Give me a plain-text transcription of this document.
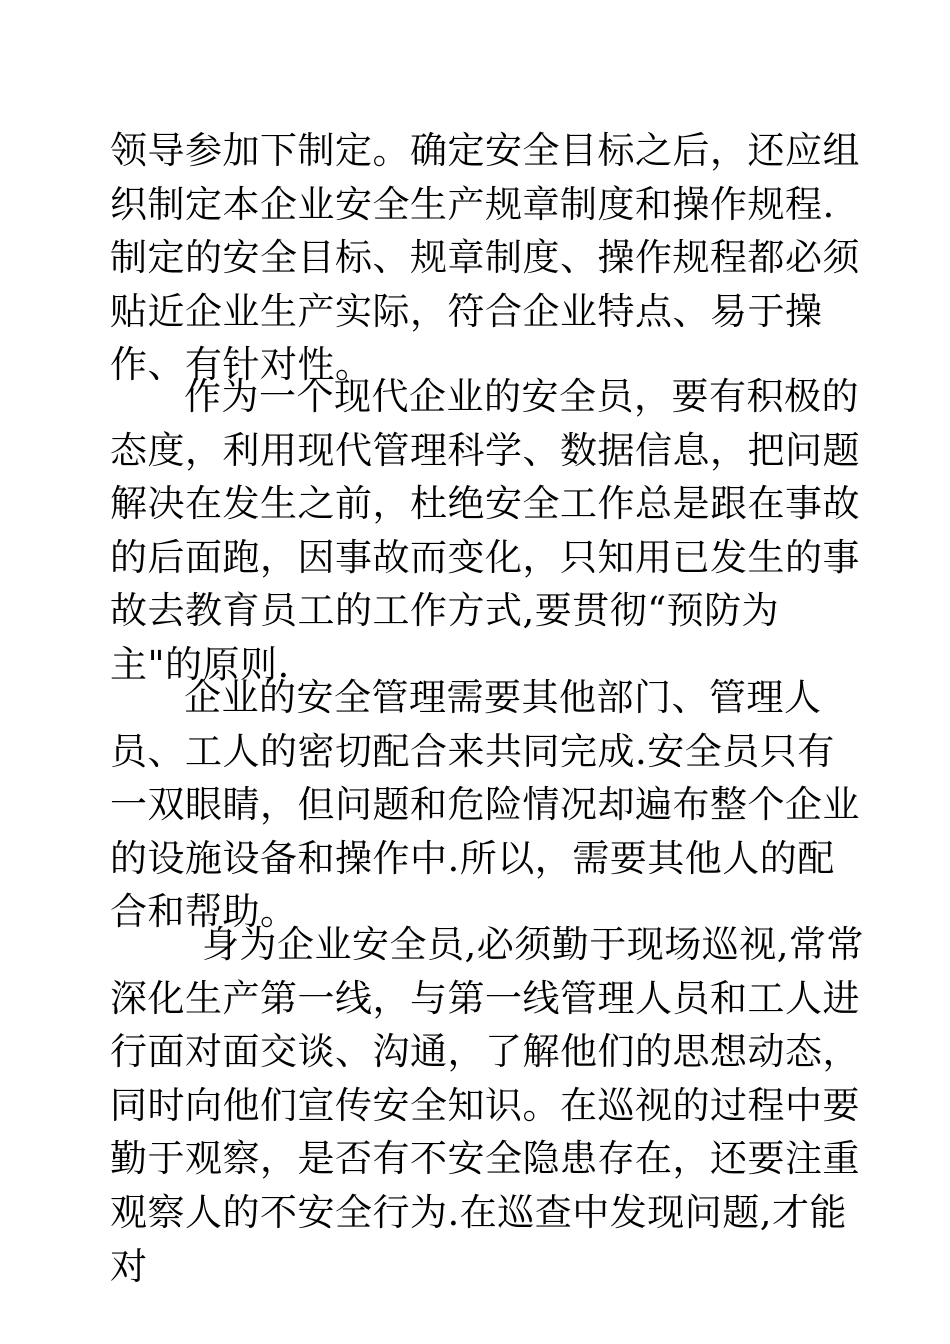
领导参加下制定。确定安全目标之后，还应组织制定本企业安全生产规章制度和操作规程.制定的安全目标、规章制度、操作规程都必须贴近企业生产实际，符合企业特点、易于操作、有针对性。

作为一个现代企业的安全员，要有积极的态度，利用现代管理科学、数据信息，把问题解决在发生之前，杜绝安全工作总是跟在事故的后面跑，因事故而变化，只知用已发生的事故去教育员工的工作方式,要贯彻“预防为主"的原则.

企业的安全管理需要其他部门、管理人员、工人的密切配合来共同完成.安全员只有一双眼睛，但问题和危险情况却遍布整个企业的设施设备和操作中.所以，需要其他人的配合和帮助。

身为企业安全员,必须勤于现场巡视,常常深化生产第一线，与第一线管理人员和工人进行面对面交谈、沟通，了解他们的思想动态，同时向他们宣传安全知识。在巡视的过程中要勤于观察，是否有不安全隐患存在，还要注重观察人的不安全行为.在巡查中发现问题,才能对
